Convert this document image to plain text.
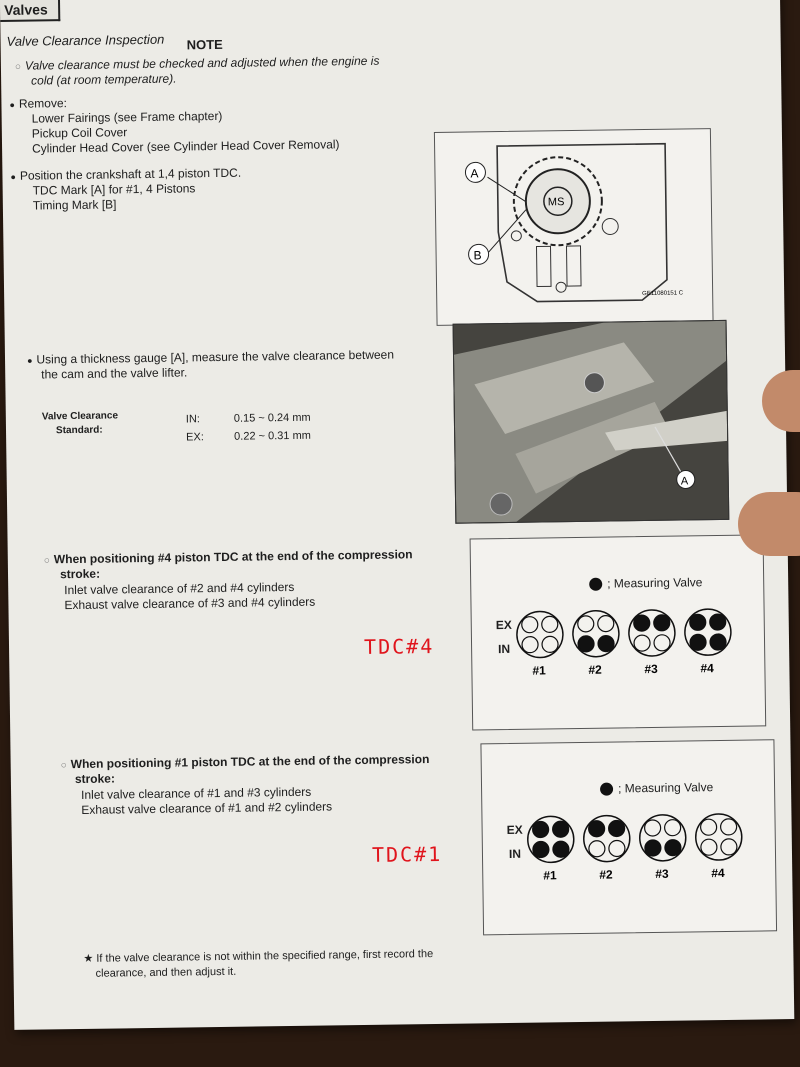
Valves
Valve Clearance Inspection NOTE
○ Valve clearance must be checked and adjusted when the engine is
cold (at room temperature).
● Remove:
Lower Fairings (see Frame chapter)
Pickup Coil Cover
Cylinder Head Cover (see Cylinder Head Cover Removal)
● Position the crankshaft at 1,4 piston TDC.
TDC Mark [A] for #1, 4 Pistons
Timing Mark [B]
A
B
MS
GE11080151 C
A
● Using a thickness gauge [A], measure the valve clearance between
the cam and the valve lifter.
Valve Clearance
Standard:
IN:	0.15 ~ 0.24 mm
EX:	0.22 ~ 0.31 mm
○ When positioning #4 piston TDC at the end of the compression
stroke:
Inlet valve clearance of #2 and #4 cylinders
Exhaust valve clearance of #3 and #4 cylinders
TDC#4
; Measuring Valve
EX
IN
#1	#2	#3	#4
○ When positioning #1 piston TDC at the end of the compression
stroke:
Inlet valve clearance of #1 and #3 cylinders
Exhaust valve clearance of #1 and #2 cylinders
TDC#1
; Measuring Valve
EX
IN
#1	#2	#3	#4
★ If the valve clearance is not within the specified range, first record the
clearance, and then adjust it.
